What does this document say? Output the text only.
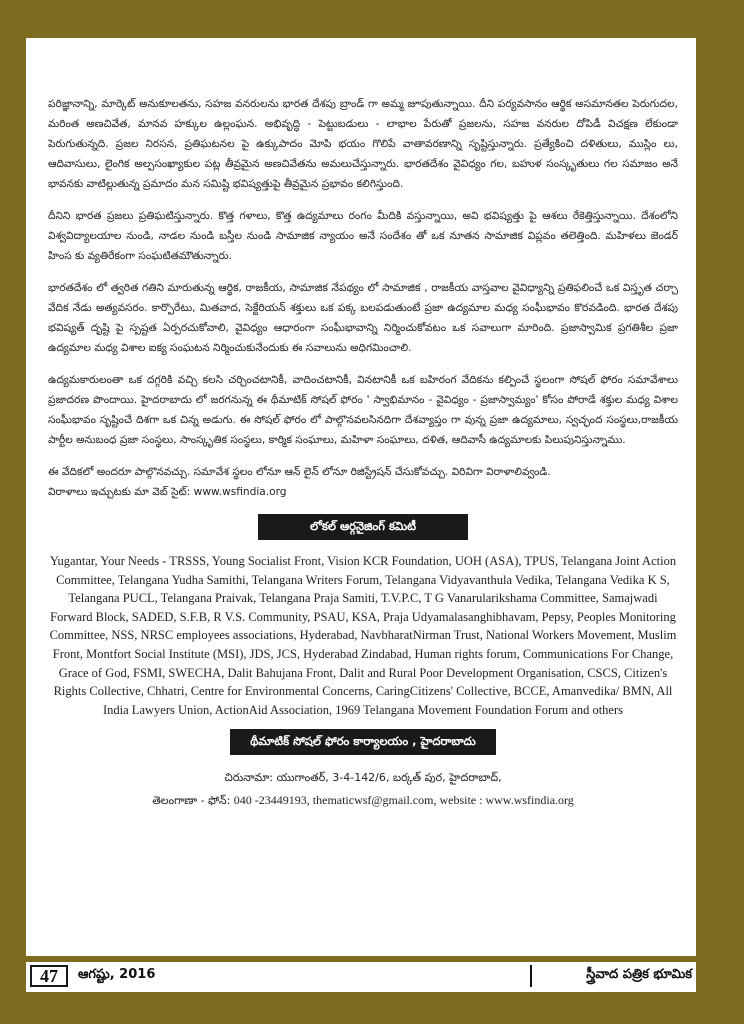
పరిజ్ఞానాన్ని, మార్కెట్ అనుకూలతను, సహజ వనరులను భారత దేశపు బ్రాండ్ గా అమ్మ జూపుతున్నాయి. దీని పర్యవసానం ఆర్థిక అసమానతల పెరుగుదల, మరింత అణచివేత, మానవ హక్కుల ఉల్లంఘన. అభివృద్ధి - పెట్టుబడులు - లాభాల పేరుతో ప్రజలను, సహజ వనరుల దోపిడీ విచక్షణ లేకుండా పెరుగుతున్నది. ప్రజల నిరసన, ప్రతిఘటనల పై ఉక్కుపాదం మోపి భయం గొలిపే వాతావరణాన్ని సృష్టిస్తున్నారు. ప్రత్యేకించి దళితులు, ముస్లిం లు, ఆదివాసులు, లైంగిక అల్పసంఖ్యాకుల పట్ల తీవ్రమైన అణచివేతను అమలుచేస్తున్నారు. భారతదేశం వైవిధ్యం గల, బహుళ సంస్కృతులు గల సమాజం అనే భావనకు వాటిల్లుతున్న ప్రమాదం మన సమిష్టి భవిష్యత్తుపై తీవ్రమైన ప్రభావం కలిగిస్తుంది.

దీనిని భారత ప్రజలు ప్రతిఘటిస్తున్నారు. కొత్త గళాలు, కొత్త ఉద్యమాలు రంగం మీదికి వస్తున్నాయి, అవి భవిష్యత్తు పై ఆశలు రేకెత్తిస్తున్నాయి. దేశంలోని విశ్వవిద్యాలయాల నుండి, నాడల నుండి బస్తీల నుండి సామాజిక న్యాయం అనే సందేశం తో ఒక నూతన సామాజిక విప్లవం తలెత్తింది. మహిళలు జెండర్ హింస కు వ్యతిరేకంగా సంఘటితమౌతున్నారు.

భారతదేశం లో త్వరిత గతిని మారుతున్న ఆర్థిక, రాజకీయ, సామాజిక నేపథ్యం లో సామాజిక , రాజకీయ వాస్తవాల వైవిధ్యాన్ని ప్రతిఫలించే ఒక విస్తృత చర్చా వేదిక నేడు అత్యవసరం. కార్పొరేటు, మితవాద, సెక్టేరియన్ శక్తులు ఒక పక్క బలపడుతుంటే ప్రజా ఉద్యమాల మధ్య సంఘీభావం కొరవడింది. భారత దేశపు భవిష్యత్ దృష్టి పై స్పష్టత ఏర్పరచుకోవాలి, వైవిధ్యం ఆధారంగా సంఘీభావాన్ని నిర్మించుకోవటం ఒక సవాలుగా మారింది. ప్రజాస్వామిక ప్రగతిశీల ప్రజా ఉద్యమాల మధ్య విశాల ఐక్య సంఘటన నిర్మించుకునేందుకు ఈ సవాలును అధిగమించాలి.

ఉద్యమకారులంతా ఒక దగ్గరికి వచ్చి కలసి చర్చించటానికీ, వాదించటానికీ, వినటానికీ ఒక బహిరంగ వేదికను కల్పించే స్థలంగా సోషల్ ఫోరం సమావేశాలు ప్రజాదరణ పొందాయి. హైదరాబాదు లో జరగనున్న ఈ థీమాటిక్ సోషల్ ఫోరం ' స్వాభిమానం - వైవిధ్యం - ప్రజాస్వామ్యం' కోసం పోరాడే శక్తుల మధ్య విశాల సంఘీభావం సృష్టించే దిశగా ఒక చిన్న అడుగు. ఈ సోషల్ ఫోరం లో పాల్గొనవలసినదిగా దేశవ్యాప్తం గా వున్న ప్రజా ఉద్యమాలు, స్వచ్ఛంద సంస్థలు,రాజకీయ పార్టీల అనుబంధ ప్రజా సంస్థలు, సాంస్కృతిక సంస్థలు, కార్మిక సంఘాలు, మహిళా సంఘాలు, దళిత, ఆదివాసీ ఉద్యమాలకు పిలుపునిస్తున్నాము.

ఈ వేదికలో అందరూ పాల్గొనవచ్చు. సమావేశ స్థలం లోనూ ఆన్ లైన్ లోనూ రిజిస్ట్రేషన్ చేసుకోవచ్చు. విరివిగా విరాళాలివ్వండి.
విరాళాలు ఇచ్చుటకు మా వెబ్ సైట్: www.wsfindia.org

లోకల్ ఆర్గనైజింగ్ కమిటీ

Yugantar, Your Needs - TRSSS, Young Socialist Front, Vision KCR Foundation, UOH (ASA), TPUS, Telangana Joint Action Committee, Telangana Yudha Samithi, Telangana Writers Forum, Telangana Vidyavanthula Vedika, Telangana Vedika K S, Telangana PUCL, Telangana Praivak, Telangana Praja Samiti, T.V.P.C, T G Vanarularikshama Committee, Samajwadi Forward Block, SADED, S.F.B, R V.S. Community, PSAU, KSA, Praja Udyamalasanghibhavam, Pepsy, Peoples Monitoring Committee, NSS, NRSC employees associations, Hyderabad, NavbharatNirman Trust, National Workers Movement, Muslim Front, Montfort Social Institute (MSI), JDS, JCS, Hyderabad Zindabad, Human rights forum, Communications For Change, Grace of God, FSMI, SWECHA, Dalit Bahujana Front, Dalit and Rural Poor Development Organisation, CSCS, Citizen's Rights Collective, Chhatri, Centre for Environmental Concerns, CaringCitizens' Collective, BCCE, Amanvedika/ BMN, All India Lawyers Union, ActionAid Association, 1969 Telangana Movement Foundation Forum and others

థీమాటిక్ సోషల్ ఫోరం కార్యాలయం , హైదరాబాదు
చిరునామా: యుగాంతర్, 3-4-142/6, బర్కత్ పుర, హైదరాబాద్,
తెలంగాణా - ఫోన్: 040 -23449193, thematicwsf@gmail.com, website : www.wsfindia.org
47	ఆగష్టు, 2016	స్త్రీవాద పత్రిక భూమిక
